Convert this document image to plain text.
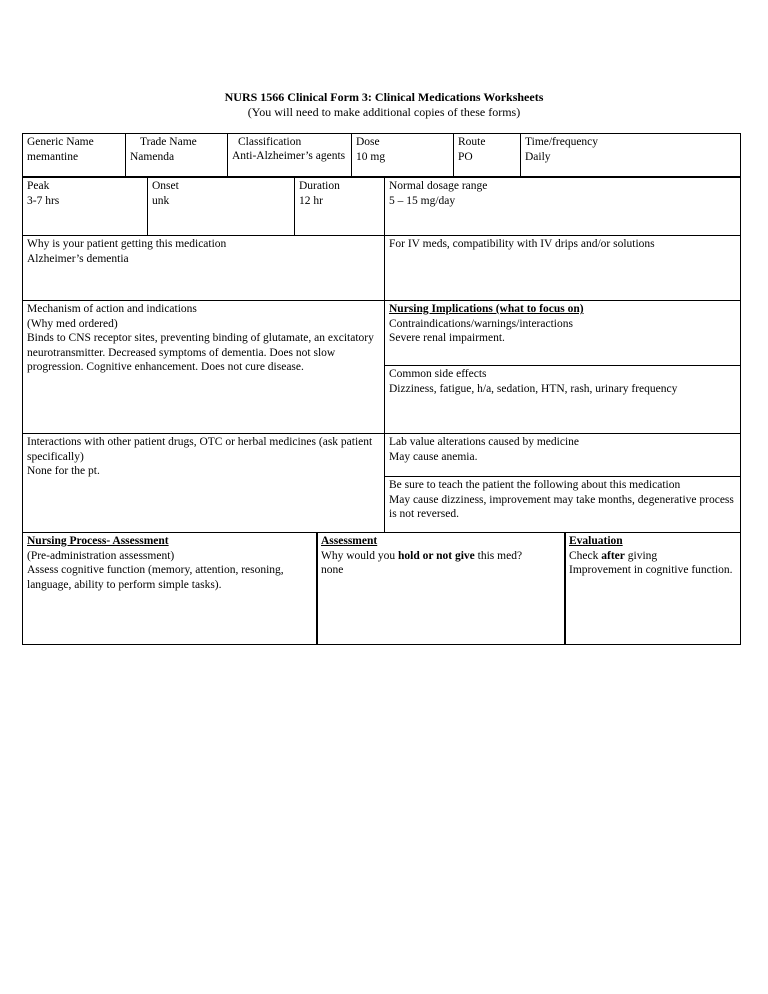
NURS 1566 Clinical Form 3: Clinical Medications Worksheets
(You will need to make additional copies of these forms)
Generic Name
memantine
Trade Name
Namenda
Classification
Anti-Alzheimer’s agents
Dose
10 mg
Route
PO
Time/frequency
Daily
Peak
3-7 hrs
Onset
unk
Duration
12 hr
Normal dosage range
5 – 15 mg/day
Why is your patient getting this medication
Alzheimer’s dementia
For IV meds, compatibility with IV drips and/or solutions
Mechanism of action and indications
(Why med ordered)
Binds to CNS receptor sites, preventing binding of glutamate, an excitatory neurotransmitter. Decreased symptoms of dementia. Does not slow progression. Cognitive enhancement. Does not cure disease.
Nursing Implications (what to focus on)
Contraindications/warnings/interactions
Severe renal impairment.
Common side effects
Dizziness, fatigue, h/a, sedation, HTN, rash, urinary frequency
Interactions with other patient drugs, OTC or herbal medicines (ask patient specifically)
None for the pt.
Lab value alterations caused by medicine
May cause anemia.
Be sure to teach the patient the following about this medication
May cause dizziness, improvement may take months, degenerative process is not reversed.
Nursing Process- Assessment
(Pre-administration assessment)
Assess cognitive function (memory, attention, resoning, language, ability to perform simple tasks).
Assessment
Why would you hold or not give this med?
none
Evaluation
Check after giving
Improvement in cognitive function.
